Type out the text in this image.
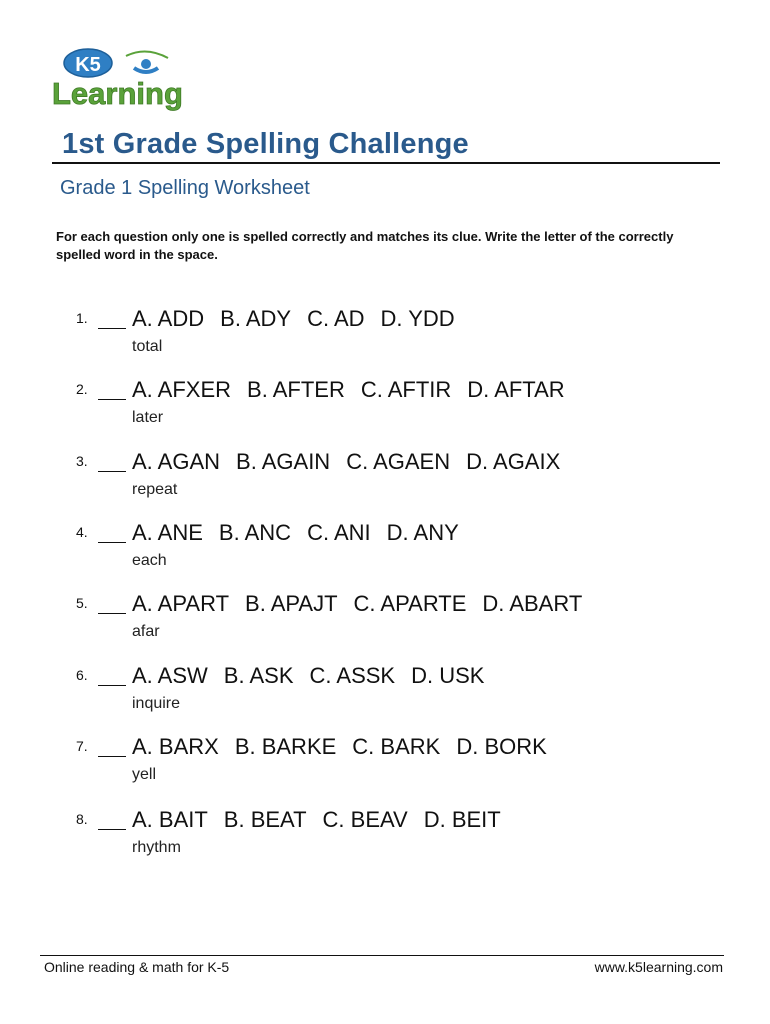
K5
Learning
1st Grade Spelling Challenge
Grade 1 Spelling Worksheet
For each question only one is spelled correctly and matches its clue. Write the letter of the correctly spelled word in the space.
1. A. ADD B. ADY C. AD D. YDD
total
2. A. AFXER B. AFTER C. AFTIR D. AFTAR
later
3. A. AGAN B. AGAIN C. AGAEN D. AGAIX
repeat
4. A. ANE B. ANC C. ANI D. ANY
each
5. A. APART B. APAJT C. APARTE D. ABART
afar
6. A. ASW B. ASK C. ASSK D. USK
inquire
7. A. BARX B. BARKE C. BARK D. BORK
yell
8. A. BAIT B. BEAT C. BEAV D. BEIT
rhythm
Online reading & math for K-5	www.k5learning.com
